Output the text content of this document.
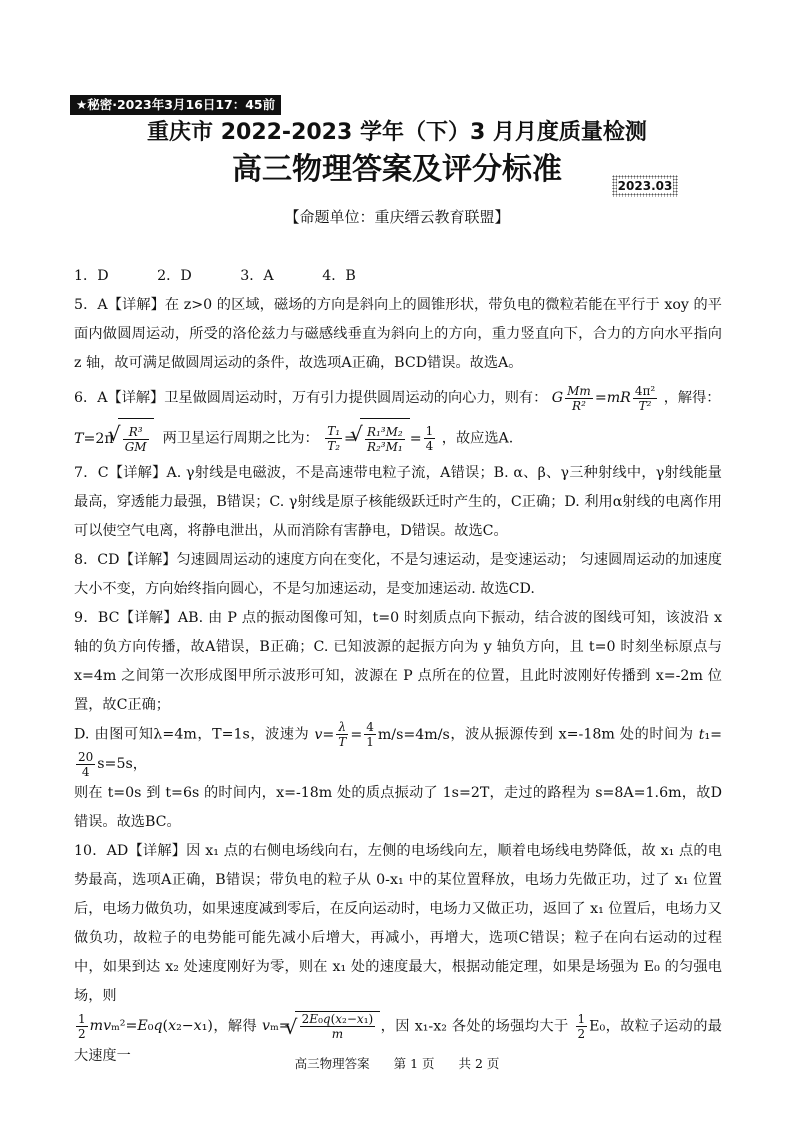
★秘密·2023年3月16日17：45前
重庆市 2022-2023 学年（下）3 月月度质量检测
高三物理答案及评分标准	2023.03
【命题单位：重庆缙云教育联盟】

1．D	2．D	3．A	4．B

5．A【详解】在 z>0 的区域，磁场的方向是斜向上的圆锥形状，带负电的微粒若能在平行于 xoy 的平面内做圆周运动，所受的洛伦兹力与磁感线垂直为斜向上的方向，重力竖直向下，合力的方向水平指向 z 轴，故可满足做圆周运动的条件，故选项A正确，BCD错误。故选A。

6．A【详解】卫星做圆周运动时，万有引力提供圆周运动的向心力，则有： G $\frac{Mm}{\text{R²}} =mR \frac{\text{4π²}}{\text{T²}}$ ，解得：
T=2π √ $\frac{\text{R³}}{GM}$ 两卫星运行周期之比为： $\frac{\text{T₁}}{\text{T₂}}$ = √ $\frac{\text{R₁³M₂}}{\text{R₂³M₁}} = \frac{1}{4}$ ，故应选A.

7．C【详解】A. γ射线是电磁波，不是高速带电粒子流，A错误；B. α、β、γ三种射线中，γ射线能量最高，穿透能力最强，B错误；C. γ射线是原子核能级跃迁时产生的，C正确；D. 利用α射线的电离作用可以使空气电离，将静电泄出，从而消除有害静电，D错误。故选C。

8．CD【详解】匀速圆周运动的速度方向在变化，不是匀速运动，是变速运动； 匀速圆周运动的加速度大小不变，方向始终指向圆心，不是匀加速运动，是变加速运动. 故选CD.

9．BC【详解】AB. 由 P 点的振动图像可知，t=0 时刻质点向下振动，结合波的图线可知，该波沿 x 轴的负方向传播，故A错误，B正确；C. 已知波源的起振方向为 y 轴负方向，且 t=0 时刻坐标原点与 x=4m 之间第一次形成图甲所示波形可知，波源在 P 点所在的位置，且此时波刚好传播到 x=-2m 位置，故C正确；
D. 由图可知λ=4m，T=1s，波速为 $v= \frac{\lambda}{T} = \frac{4}{1} m/s=4m/s$，波从振源传到 x=-18m 处的时间为 t₁=
$\frac{20}{4} s=5s$，
则在 t=0s 到 t=6s 的时间内，x=-18m 处的质点振动了 1s=2T，走过的路程为 s=8A=1.6m，故D错误。故选BC。

10．AD【详解】因 x₁ 点的右侧电场线向右，左侧的电场线向左，顺着电场线电势降低，故 x₁ 点的电势最高，选项A正确，B错误；带负电的粒子从 0-x₁ 中的某位置释放，电场力先做正功，过了 x₁ 位置后，电场力做负功，如果速度减到零后，在反向运动时，电场力又做正功，返回了 x₁ 位置后，电场力又做负功，故粒子的电势能可能先减小后增大，再减小，再增大，选项C错误；粒子在向右运动的过程中，如果到达 x₂ 处速度刚好为零，则在 x₁ 处的速度最大，根据动能定理，如果是场强为 E₀ 的匀强电场，则

$\frac{1}{2} mv_m^2=E_0q(x_2-x_1)$，解得 vₘ= √ $\frac{\text{2E₀q(x₂−x₁)}}{m}$ ，因 x₁-x₂ 各处的场强均大于 $\frac{1}{2} E_0$，故粒子运动的最大速度一	高三物理答案 第 1 页 共 2 页
